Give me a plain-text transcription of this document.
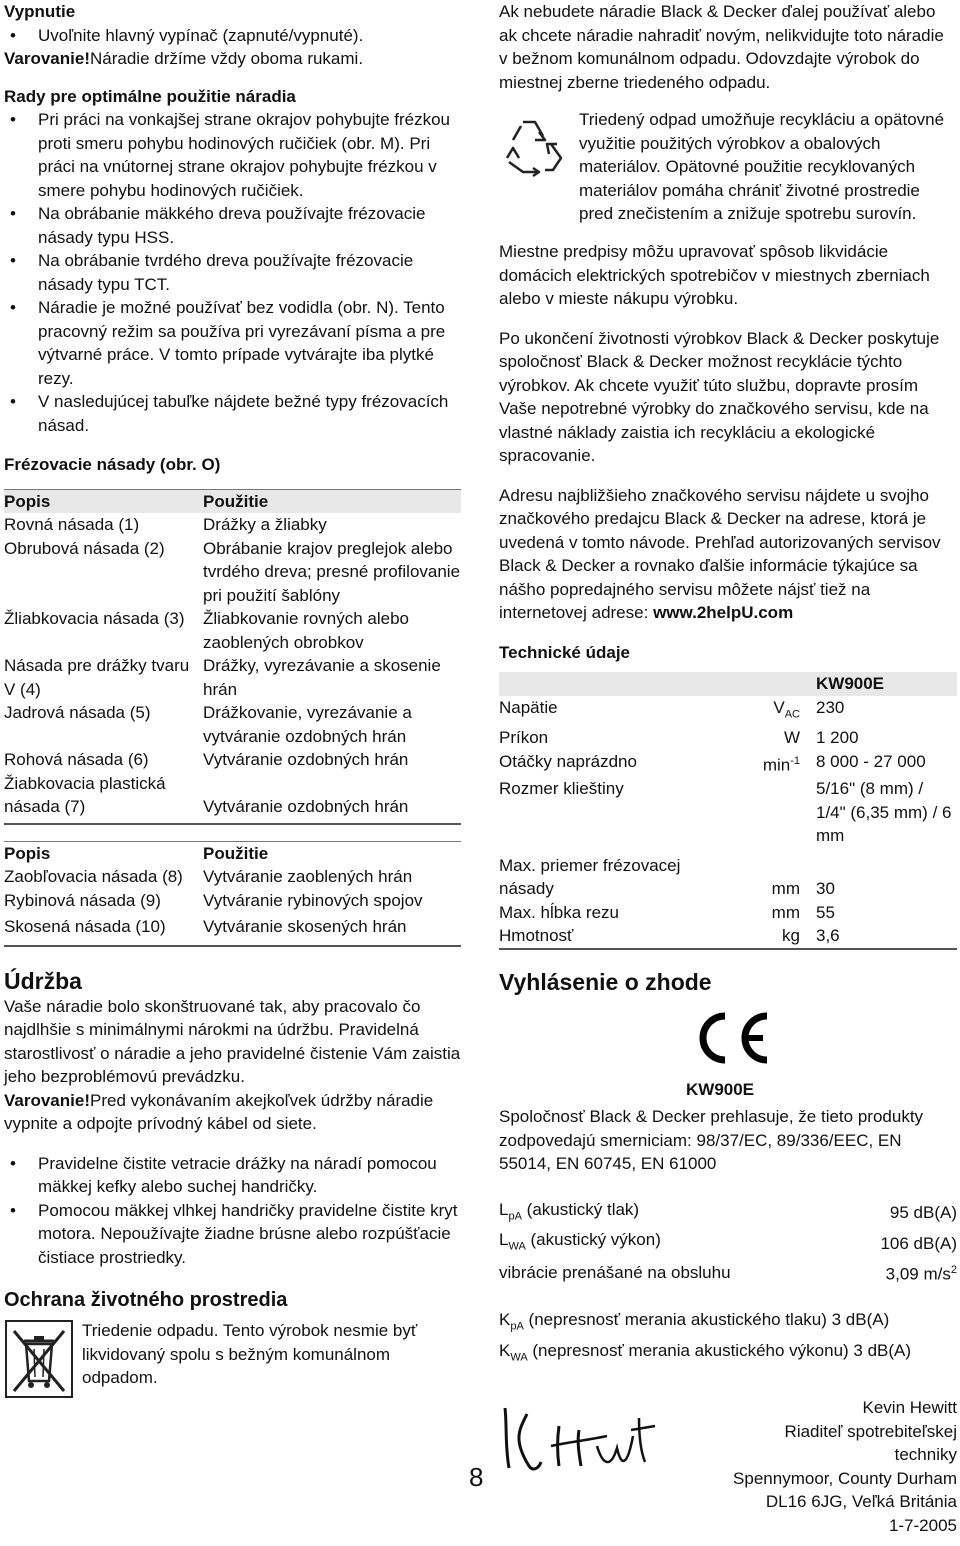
Vypnutie

• Uvoľnite hlavný vypínač (zapnuté/vypnuté).

Varovanie!Náradie držíme vždy oboma rukami.

Rady pre optimálne použitie náradia

• Pri práci na vonkajšej strane okrajov pohybujte frézkou proti smeru pohybu hodinových ručičiek (obr. M). Pri práci na vnútornej strane okrajov pohybujte frézkou v smere pohybu hodinových ručičiek.
• Na obrábanie mäkkého dreva používajte frézovacie násady typu HSS.
• Na obrábanie tvrdého dreva používajte frézovacie násady typu TCT.
• Náradie je možné používať bez vodidla (obr. N). Tento pracovný režim sa používa pri vyrezávaní písma a pre výtvarné práce. V tomto prípade vytvárajte iba plytké rezy.
• V nasledujúcej tabuľke nájdete bežné typy frézovacích násad.

Frézovacie násady (obr. O)

Popis	Použitie
Rovná násada (1)	Drážky a žliabky
Obrubová násada (2)	Obrábanie krajov preglejok alebo tvrdého dreva; presné profilovanie pri použití šablóny
Žliabkovacia násada (3)	Žliabkovanie rovných alebo zaoblených obrobkov
Násada pre drážky tvaru V (4)	Drážky, vyrezávanie a skosenie hrán
Jadrová násada (5)	Drážkovanie, vyrezávanie a vytváranie ozdobných hrán
Rohová násada (6)	Vytváranie ozdobných hrán
Žiabkovacia plastická násada (7)	Vytváranie ozdobných hrán
Popis	Použitie
Zaobľovacia násada (8)	Vytváranie zaoblených hrán
Rybinová násada (9)	Vytváranie rybinových spojov
Skosená násada (10)	Vytváranie skosených hrán

Údržba

Vaše náradie bolo skonštruované tak, aby pracovalo čo najdlhšie s minimálnymi nárokmi na údržbu. Pravidelná starostlivosť o náradie a jeho pravidelné čistenie Vám zaistia jeho bezproblémovú prevádzku.

Varovanie!Pred vykonávaním akejkoľvek údržby náradie vypnite a odpojte prívodný kábel od siete.

• Pravidelne čistite vetracie drážky na náradí pomocou mäkkej kefky alebo suchej handričky.
• Pomocou mäkkej vlhkej handričky pravidelne čistite kryt motora. Nepoužívajte žiadne brúsne alebo rozpúšťacie čistiace prostriedky.

Ochrana životného prostredia

Triedenie odpadu. Tento výrobok nesmie byť likvidovaný spolu s bežným komunálnom odpadom.

Ak nebudete náradie Black & Decker ďalej používať alebo ak chcete náradie nahradiť novým, nelikvidujte toto náradie v bežnom komunálnom odpadu. Odovzdajte výrobok do miestnej zberne triedeného odpadu.

Triedený odpad umožňuje recykláciu a opätovné využitie použitých výrobkov a obalových materiálov. Opätovné použitie recyklovaných materiálov pomáha chrániť životné prostredie pred znečistením a znižuje spotrebu surovín.

Miestne predpisy môžu upravovať spôsob likvidácie domácich elektrických spotrebičov v miestnych zberniach alebo v mieste nákupu výrobku.

Po ukončení životnosti výrobkov Black & Decker poskytuje spoločnosť Black & Decker možnost recyklácie týchto výrobkov. Ak chcete využiť túto službu, dopravte prosím Vaše nepotrebné výrobky do značkového servisu, kde na vlastné náklady zaistia ich recykláciu a ekologické spracovanie.

Adresu najbližšieho značkového servisu nájdete u svojho značkového predajcu Black & Decker na adrese, ktorá je uvedená v tomto návode. Prehľad autorizovaných servisov Black & Decker a rovnako ďalšie informácie týkajúce sa nášho popredajného servisu môžete nájsť tiež na internetovej adrese: www.2helpU.com

Technické údaje

		KW900E
Napätie	$V_{AC}$	230
Príkon	W	1 200
Otáčky naprázdno	$\min^{-1}$	8 000 - 27 000
Rozmer klieštiny		5/16" (8 mm) / 1/4" (6,35 mm) / 6 mm
Max. priemer frézovacej násady	mm	30
Max. hĺbka rezu	mm	55
Hmotnosť	kg	3,6

Vyhlásenie o zhode

KW900E

Spoločnosť Black & Decker prehlasuje, že tieto produkty zodpovedajú smerniciam: 98/37/EC, 89/336/EEC, EN 55014, EN 60745, EN 61000

$L_{pA}$ (akustický tlak)	95 dB(A)
$L_{WA}$ (akustický výkon)	106 dB(A)
vibrácie prenášané na obsluhu	3,09 $m/s^2$

$K_{pA}$ (nepresnosť merania akustického tlaku) 3 dB(A)

$K_{WA}$ (nepresnosť merania akustického výkonu) 3 dB(A)

Kevin Hewitt
Riaditeľ spotrebiteľskej
techniky
Spennymoor, County Durham
DL16 6JG, Veľká Británia
1-7-2005
8
